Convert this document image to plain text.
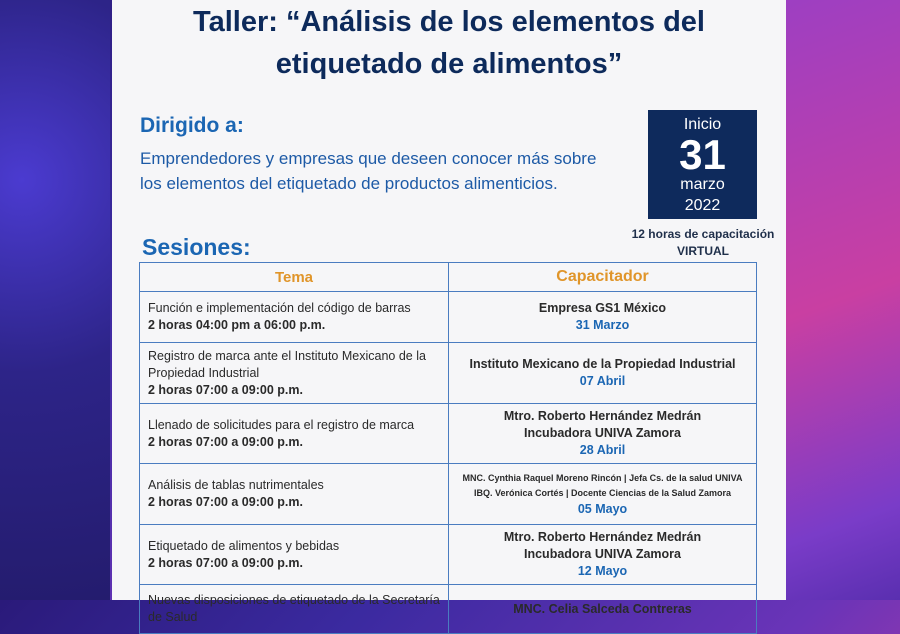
Taller: “Análisis de los elementos del
etiquetado de alimentos”
Dirigido a:
Emprendedores y empresas que deseen conocer más sobre los elementos del etiquetado de productos alimenticios.
Inicio
31
marzo
2022
12 horas de capacitación
VIRTUAL
Sesiones:
Tema	Capacitador
Función e implementación del código de barras
2 horas 04:00 pm a 06:00 p.m.	Empresa GS1 México
31 Marzo

Registro de marca ante el Instituto Mexicano de la Propiedad Industrial
2 horas 07:00 a 09:00 p.m.	Instituto Mexicano de la Propiedad Industrial
07 Abril

Llenado de solicitudes para el registro de marca
2 horas 07:00 a 09:00 p.m.	Mtro. Roberto Hernández Medrán
Incubadora UNIVA Zamora
28 Abril

Análisis de tablas nutrimentales
2 horas 07:00 a 09:00 p.m.	MNC. Cynthia Raquel Moreno Rincón | Jefa Cs. de la salud UNIVA
IBQ. Verónica Cortés | Docente Ciencias de la Salud Zamora
05 Mayo

Etiquetado de alimentos y bebidas
2 horas 07:00 a 09:00 p.m.	Mtro. Roberto Hernández Medrán
Incubadora UNIVA Zamora
12 Mayo

Nuevas disposiciones de etiquetado de la Secretaría de Salud	MNC. Celia Salceda Contreras
